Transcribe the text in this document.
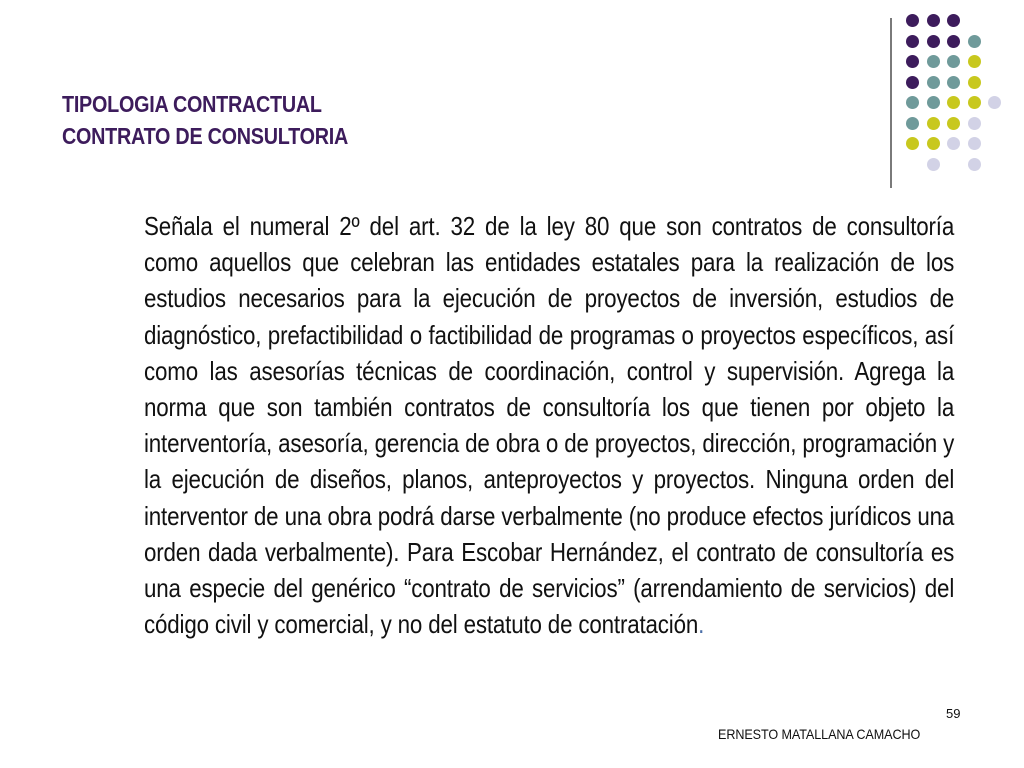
TIPOLOGIA CONTRACTUAL
CONTRATO DE CONSULTORIA
Señala el numeral 2º del art. 32 de la ley 80 que son contratos de consultoría como aquellos que celebran las entidades estatales para la realización de los estudios necesarios para la ejecución de proyectos de inversión, estudios de diagnóstico, prefactibilidad o factibilidad de programas o proyectos específicos, así como las asesorías técnicas de coordinación, control y supervisión. Agrega la norma que son también contratos de consultoría los que tienen por objeto la interventoría, asesoría, gerencia de obra o de proyectos, dirección, programación y la ejecución de diseños, planos, anteproyectos y proyectos. Ninguna orden del interventor de una obra podrá darse verbalmente (no produce efectos jurídicos una orden dada verbalmente). Para Escobar Hernández, el contrato de consultoría es una especie del genérico “contrato de servicios” (arrendamiento de servicios) del código civil y comercial, y no del estatuto de contratación.
59
ERNESTO MATALLANA CAMACHO
